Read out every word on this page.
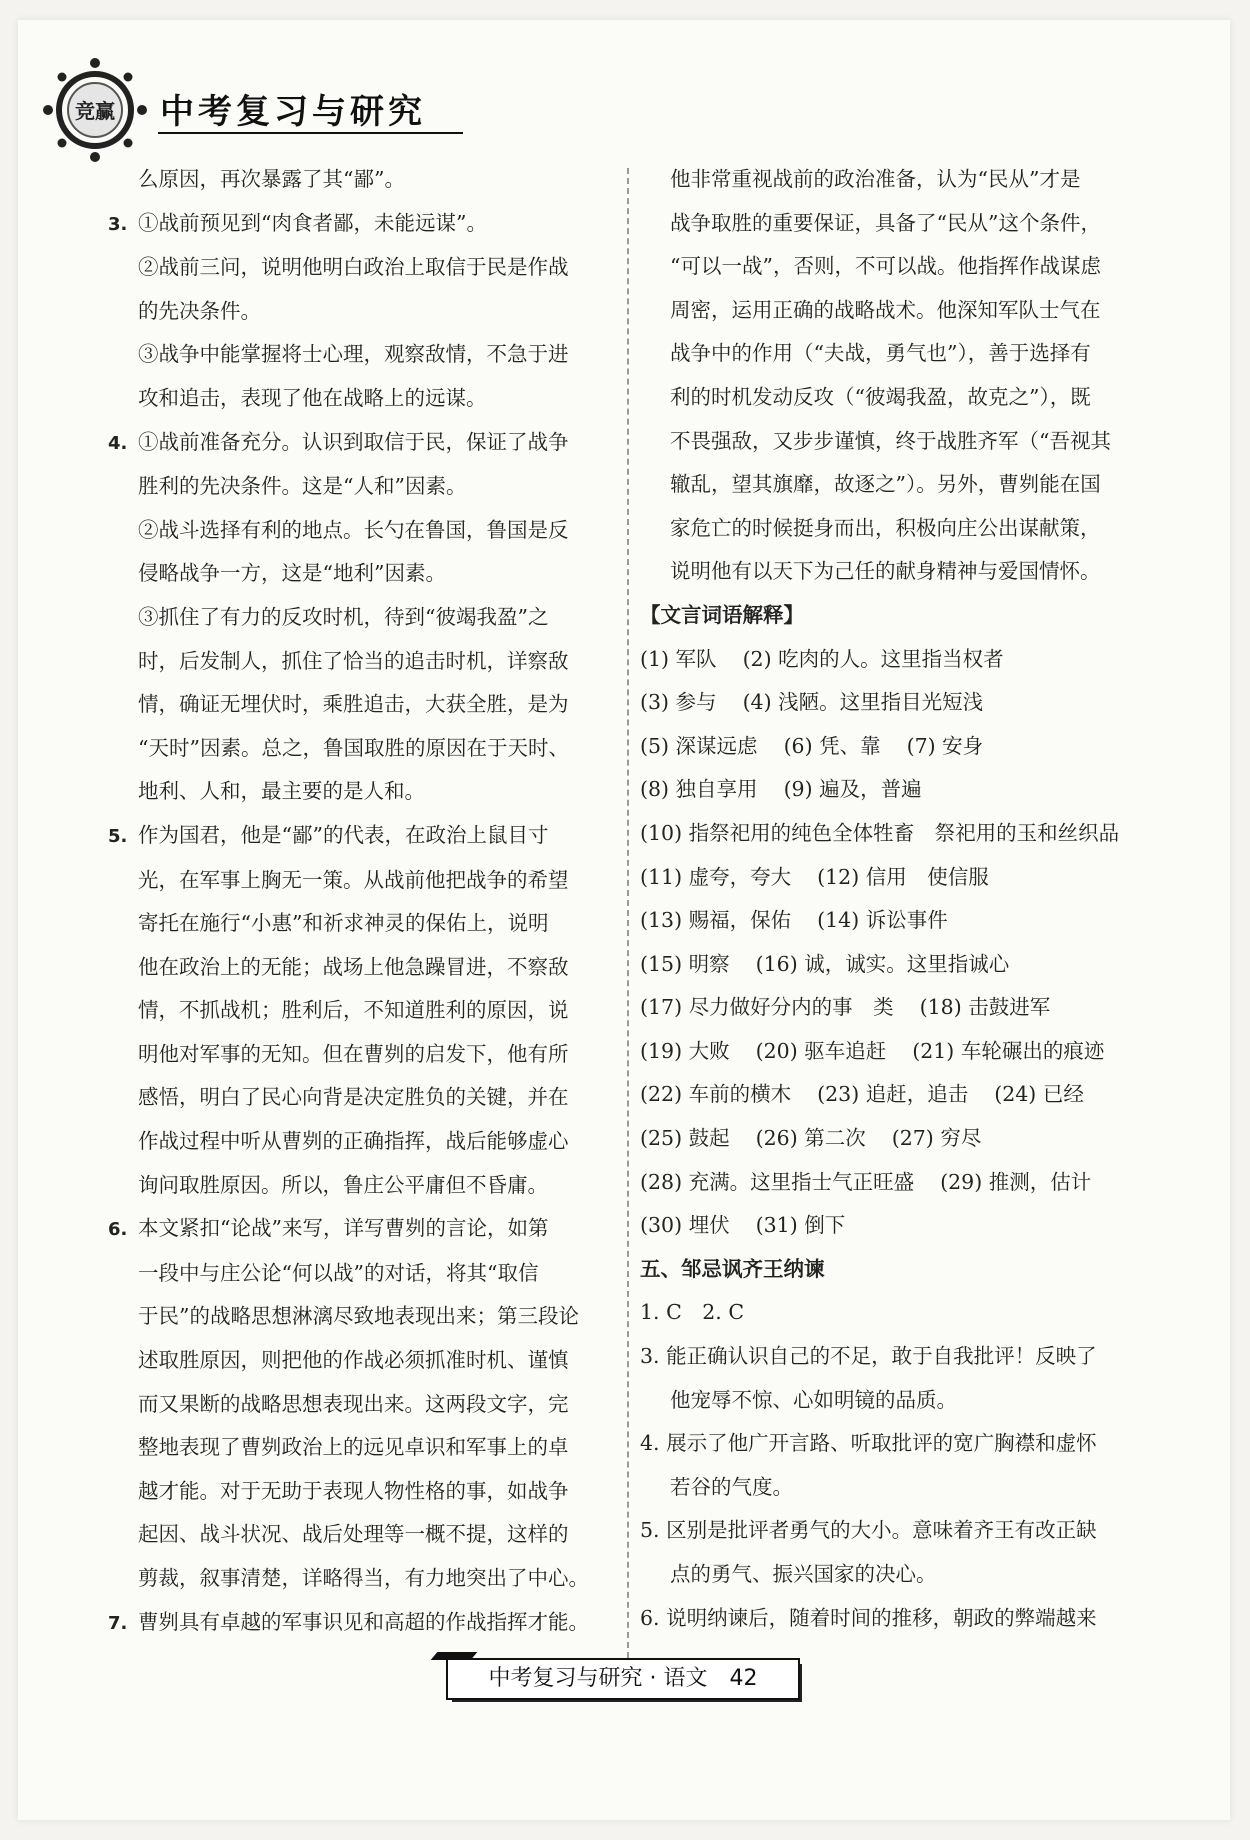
竞赢 中考复习与研究
么原因，再次暴露了其“鄙”。
3. ①战前预见到“肉食者鄙，未能远谋”。
②战前三问，说明他明白政治上取信于民是作战
的先决条件。
③战争中能掌握将士心理，观察敌情，不急于进
攻和追击，表现了他在战略上的远谋。
4. ①战前准备充分。认识到取信于民，保证了战争
胜利的先决条件。这是“人和”因素。
②战斗选择有利的地点。长勺在鲁国，鲁国是反
侵略战争一方，这是“地利”因素。
③抓住了有力的反攻时机，待到“彼竭我盈”之
时，后发制人，抓住了恰当的追击时机，详察敌
情，确证无埋伏时，乘胜追击，大获全胜，是为
“天时”因素。总之，鲁国取胜的原因在于天时、
地利、人和，最主要的是人和。
5. 作为国君，他是“鄙”的代表，在政治上鼠目寸
光，在军事上胸无一策。从战前他把战争的希望
寄托在施行“小惠”和祈求神灵的保佑上，说明
他在政治上的无能；战场上他急躁冒进，不察敌
情，不抓战机；胜利后，不知道胜利的原因，说
明他对军事的无知。但在曹刿的启发下，他有所
感悟，明白了民心向背是决定胜负的关键，并在
作战过程中听从曹刿的正确指挥，战后能够虚心
询问取胜原因。所以，鲁庄公平庸但不昏庸。
6. 本文紧扣“论战”来写，详写曹刿的言论，如第
一段中与庄公论“何以战”的对话，将其“取信
于民”的战略思想淋漓尽致地表现出来；第三段论
述取胜原因，则把他的作战必须抓准时机、谨慎
而又果断的战略思想表现出来。这两段文字，完
整地表现了曹刿政治上的远见卓识和军事上的卓
越才能。对于无助于表现人物性格的事，如战争
起因、战斗状况、战后处理等一概不提，这样的
剪裁，叙事清楚，详略得当，有力地突出了中心。
7. 曹刿具有卓越的军事识见和高超的作战指挥才能。
他非常重视战前的政治准备，认为“民从”才是
战争取胜的重要保证，具备了“民从”这个条件，
“可以一战”，否则，不可以战。他指挥作战谋虑
周密，运用正确的战略战术。他深知军队士气在
战争中的作用（“夫战，勇气也”），善于选择有
利的时机发动反攻（“彼竭我盈，故克之”），既
不畏强敌，又步步谨慎，终于战胜齐军（“吾视其
辙乱，望其旗靡，故逐之”）。另外，曹刿能在国
家危亡的时候挺身而出，积极向庄公出谋献策，
说明他有以天下为己任的献身精神与爱国情怀。
【文言词语解释】
(1) 军队 (2) 吃肉的人。这里指当权者
(3) 参与 (4) 浅陋。这里指目光短浅
(5) 深谋远虑 (6) 凭、靠 (7) 安身
(8) 独自享用 (9) 遍及，普遍
(10) 指祭祀用的纯色全体牲畜　祭祀用的玉和丝织品
(11) 虚夸，夸大 (12) 信用　使信服
(13) 赐福，保佑 (14) 诉讼事件
(15) 明察 (16) 诚，诚实。这里指诚心
(17) 尽力做好分内的事　类 (18) 击鼓进军
(19) 大败 (20) 驱车追赶 (21) 车轮碾出的痕迹
(22) 车前的横木 (23) 追赶，追击 (24) 已经
(25) 鼓起 (26) 第二次 (27) 穷尽
(28) 充满。这里指士气正旺盛 (29) 推测，估计
(30) 埋伏 (31) 倒下
五、邹忌讽齐王纳谏
1. C　2. C
3. 能正确认识自己的不足，敢于自我批评！反映了
他宠辱不惊、心如明镜的品质。
4. 展示了他广开言路、听取批评的宽广胸襟和虚怀
若谷的气度。
5. 区别是批评者勇气的大小。意味着齐王有改正缺
点的勇气、振兴国家的决心。
6. 说明纳谏后，随着时间的推移，朝政的弊端越来
中考复习与研究 · 语文　42
